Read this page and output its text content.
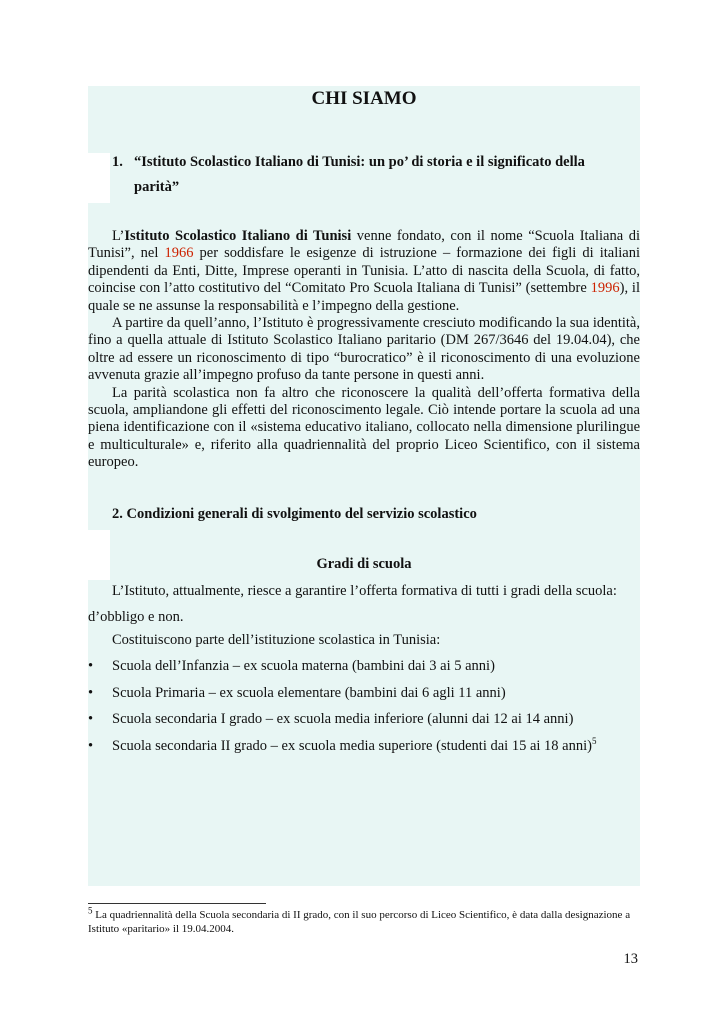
CHI SIAMO
1. “Istituto Scolastico Italiano di Tunisi: un po’ di storia e il significato della parità”

L’Istituto Scolastico Italiano di Tunisi venne fondato, con il nome “Scuola Italiana di Tunisi”, nel 1966 per soddisfare le esigenze di istruzione – formazione dei figli di italiani dipendenti da Enti, Ditte, Imprese operanti in Tunisia. L’atto di nascita della Scuola, di fatto, coincise con l’atto costitutivo del “Comitato Pro Scuola Italiana di Tunisi” (settembre 1996), il quale se ne assunse la responsabilità e l’impegno della gestione.

A partire da quell’anno, l’Istituto è progressivamente cresciuto modificando la sua identità, fino a quella attuale di Istituto Scolastico Italiano paritario (DM 267/3646 del 19.04.04), che oltre ad essere un riconoscimento di tipo “burocratico” è il riconoscimento di una evoluzione avvenuta grazie all’impegno profuso da tante persone in questi anni.

La parità scolastica non fa altro che riconoscere la qualità dell’offerta formativa della scuola, ampliandone gli effetti del riconoscimento legale. Ciò intende portare la scuola ad una piena identificazione con il «sistema educativo italiano, collocato nella dimensione plurilingue e multiculturale» e, riferito alla quadriennalità del proprio Liceo Scientifico, con il sistema europeo.

2. Condizioni generali di svolgimento del servizio scolastico
Gradi di scuola
L’Istituto, attualmente, riesce a garantire l’offerta formativa di tutti i gradi della scuola:
d’obbligo e non.
Costituiscono parte dell’istituzione scolastica in Tunisia:
• Scuola dell’Infanzia – ex scuola materna (bambini dai 3 ai 5 anni)
• Scuola Primaria – ex scuola elementare (bambini dai 6 agli 11 anni)
• Scuola secondaria I grado – ex scuola media inferiore (alunni dai 12 ai 14 anni)
• Scuola secondaria II grado – ex scuola media superiore (studenti dai 15 ai 18 anni)$^5$
$^5$ La quadriennalità della Scuola secondaria di II grado, con il suo percorso di Liceo Scientifico, è data dalla designazione a Istituto «paritario» il 19.04.2004.
13
